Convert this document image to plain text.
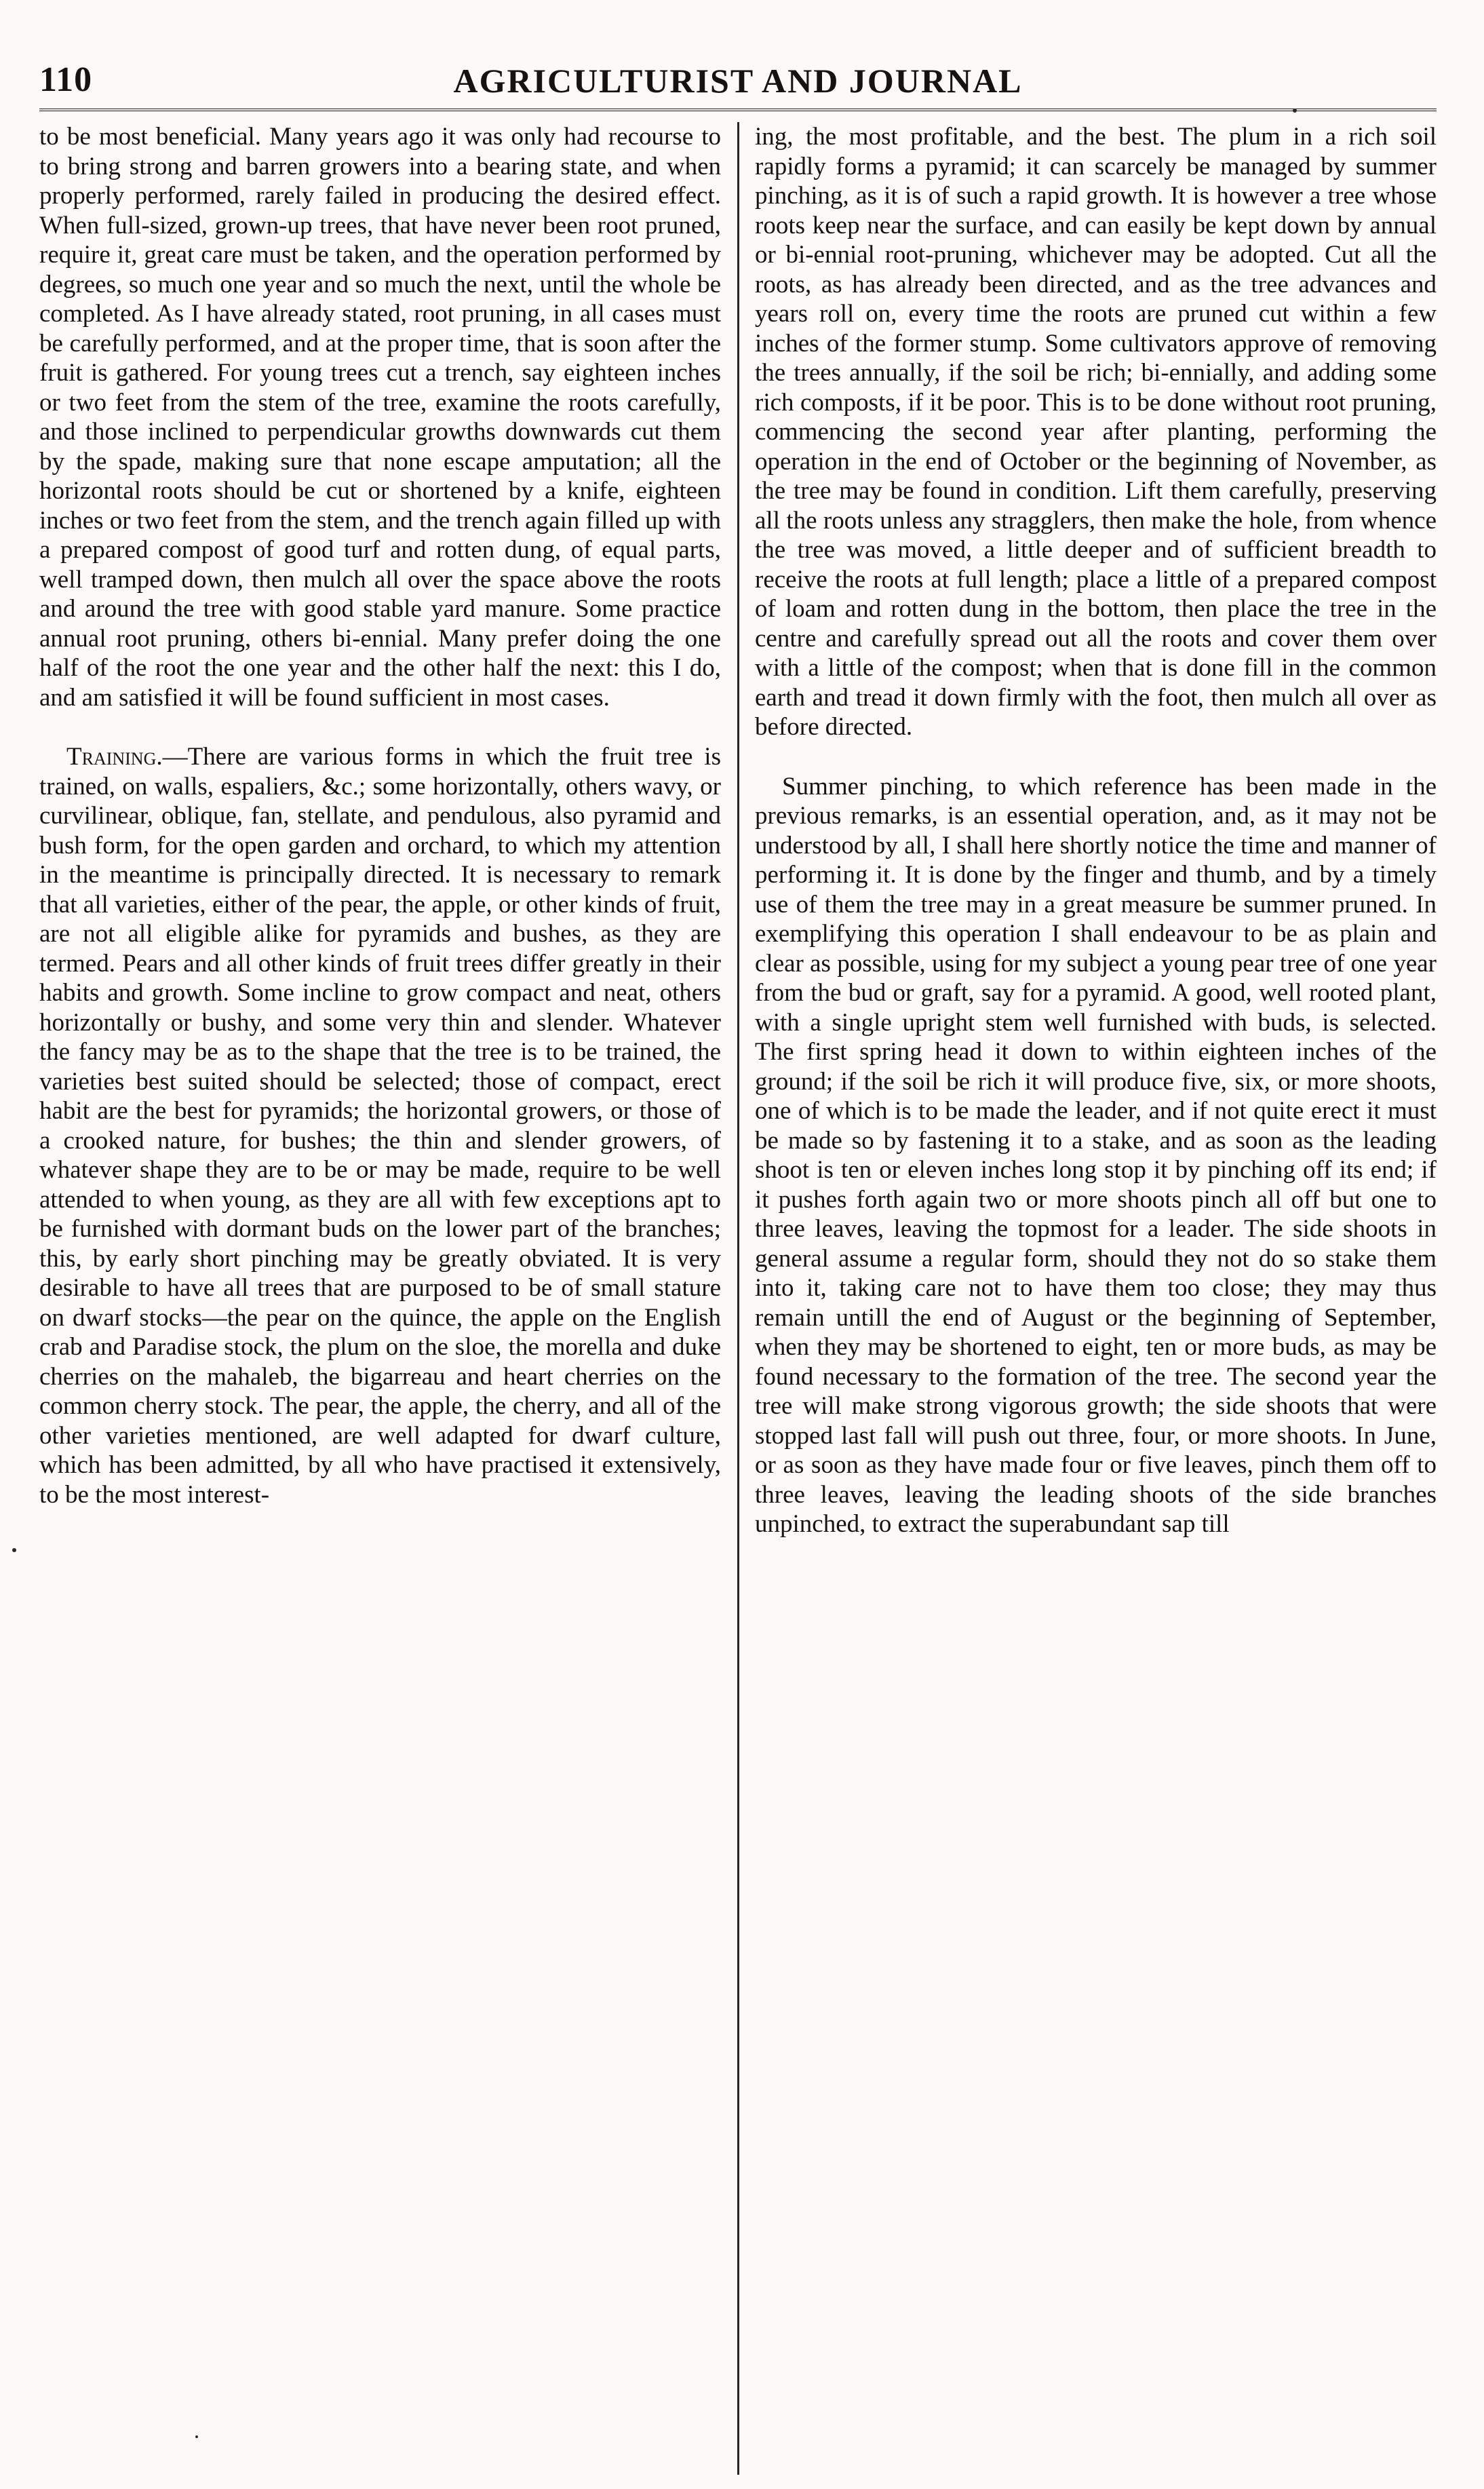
110	AGRICULTURIST AND JOURNAL

to be most beneficial. Many years ago it was only had recourse to to bring strong and barren growers into a bearing state, and when properly performed, rarely failed in producing the desired effect. When full-sized, grown-up trees, that have never been root pruned, require it, great care must be taken, and the operation performed by degrees, so much one year and so much the next, until the whole be completed. As I have already stated, root pruning, in all cases must be carefully performed, and at the proper time, that is soon after the fruit is gathered. For young trees cut a trench, say eighteen inches or two feet from the stem of the tree, examine the roots carefully, and those inclined to perpendicular growths downwards cut them by the spade, making sure that none escape amputation; all the horizontal roots should be cut or shortened by a knife, eighteen inches or two feet from the stem, and the trench again filled up with a prepared compost of good turf and rotten dung, of equal parts, well tramped down, then mulch all over the space above the roots and around the tree with good stable yard manure. Some practice annual root pruning, others bi-ennial. Many prefer doing the one half of the root the one year and the other half the next: this I do, and am satisfied it will be found sufficient in most cases.

Training.—There are various forms in which the fruit tree is trained, on walls, espaliers, &c.; some horizontally, others wavy, or curvilinear, oblique, fan, stellate, and pendulous, also pyramid and bush form, for the open garden and orchard, to which my attention in the meantime is principally directed. It is necessary to remark that all varieties, either of the pear, the apple, or other kinds of fruit, are not all eligible alike for pyramids and bushes, as they are termed. Pears and all other kinds of fruit trees differ greatly in their habits and growth. Some incline to grow compact and neat, others horizontally or bushy, and some very thin and slender. Whatever the fancy may be as to the shape that the tree is to be trained, the varieties best suited should be selected; those of compact, erect habit are the best for pyramids; the horizontal growers, or those of a crooked nature, for bushes; the thin and slender growers, of whatever shape they are to be or may be made, require to be well attended to when young, as they are all with few exceptions apt to be furnished with dormant buds on the lower part of the branches; this, by early short pinching may be greatly obviated. It is very desirable to have all trees that are purposed to be of small stature on dwarf stocks—the pear on the quince, the apple on the English crab and Paradise stock, the plum on the sloe, the morella and duke cherries on the mahaleb, the bigarreau and heart cherries on the common cherry stock. The pear, the apple, the cherry, and all of the other varieties mentioned, are well adapted for dwarf culture, which has been admitted, by all who have practised it extensively, to be the most interest-

ing, the most profitable, and the best. The plum in a rich soil rapidly forms a pyramid; it can scarcely be managed by summer pinching, as it is of such a rapid growth. It is however a tree whose roots keep near the surface, and can easily be kept down by annual or bi-ennial root-pruning, whichever may be adopted. Cut all the roots, as has already been directed, and as the tree advances and years roll on, every time the roots are pruned cut within a few inches of the former stump. Some cultivators approve of removing the trees annually, if the soil be rich; bi-ennially, and adding some rich composts, if it be poor. This is to be done without root pruning, commencing the second year after planting, performing the operation in the end of October or the beginning of November, as the tree may be found in condition. Lift them carefully, preserving all the roots unless any stragglers, then make the hole, from whence the tree was moved, a little deeper and of sufficient breadth to receive the roots at full length; place a little of a prepared compost of loam and rotten dung in the bottom, then place the tree in the centre and carefully spread out all the roots and cover them over with a little of the compost; when that is done fill in the common earth and tread it down firmly with the foot, then mulch all over as before directed.

Summer pinching, to which reference has been made in the previous remarks, is an essential operation, and, as it may not be understood by all, I shall here shortly notice the time and manner of performing it. It is done by the finger and thumb, and by a timely use of them the tree may in a great measure be summer pruned. In exemplifying this operation I shall endeavour to be as plain and clear as possible, using for my subject a young pear tree of one year from the bud or graft, say for a pyramid. A good, well rooted plant, with a single upright stem well furnished with buds, is selected. The first spring head it down to within eighteen inches of the ground; if the soil be rich it will produce five, six, or more shoots, one of which is to be made the leader, and if not quite erect it must be made so by fastening it to a stake, and as soon as the leading shoot is ten or eleven inches long stop it by pinching off its end; if it pushes forth again two or more shoots pinch all off but one to three leaves, leaving the topmost for a leader. The side shoots in general assume a regular form, should they not do so stake them into it, taking care not to have them too close; they may thus remain untill the end of August or the beginning of September, when they may be shortened to eight, ten or more buds, as may be found necessary to the formation of the tree. The second year the tree will make strong vigorous growth; the side shoots that were stopped last fall will push out three, four, or more shoots. In June, or as soon as they have made four or five leaves, pinch them off to three leaves, leaving the leading shoots of the side branches unpinched, to extract the superabundant sap till
